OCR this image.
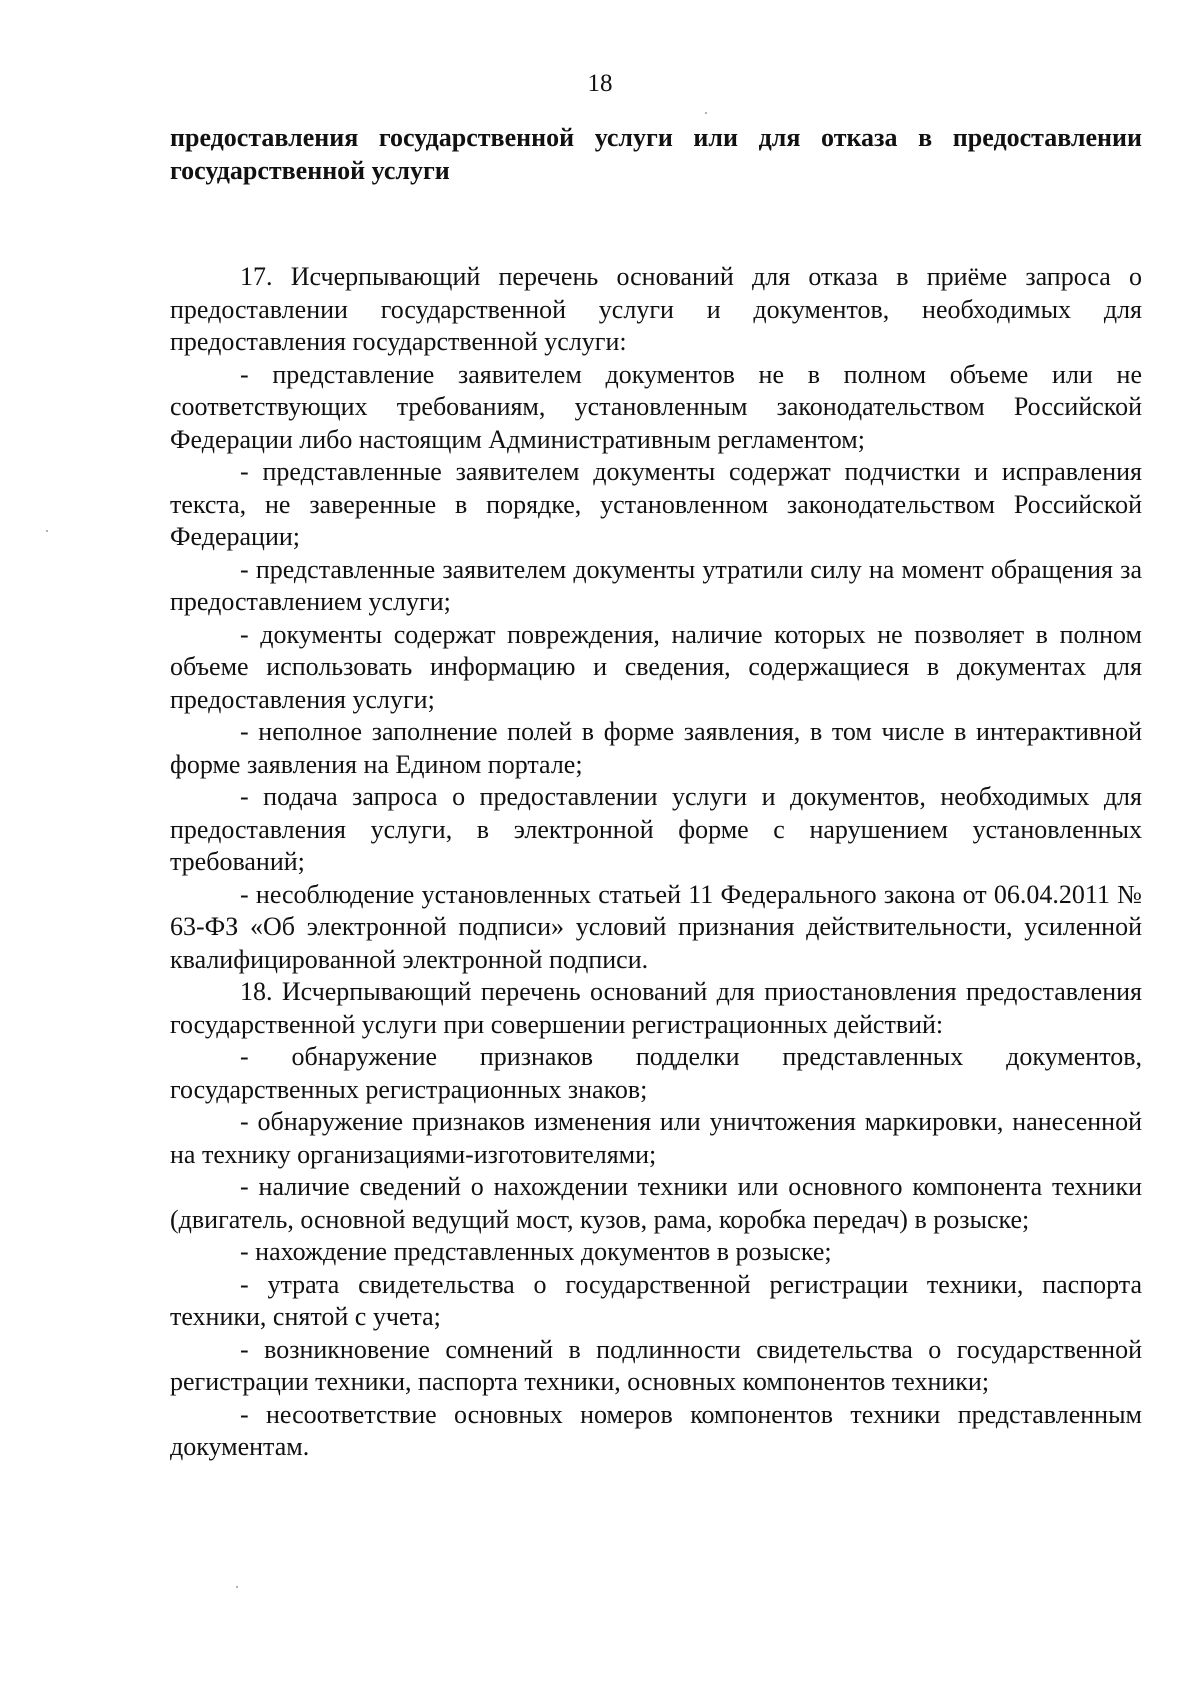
18

предоставления государственной услуги или для отказа в предоставлении государственной услуги

17. Исчерпывающий перечень оснований для отказа в приёме запроса о предоставлении государственной услуги и документов, необходимых для предоставления государственной услуги:

- представление заявителем документов не в полном объеме или не соответствующих требованиям, установленным законодательством Российской Федерации либо настоящим Административным регламентом;

- представленные заявителем документы содержат подчистки и исправления текста, не заверенные в порядке, установленном законодательством Российской Федерации;

- представленные заявителем документы утратили силу на момент обращения за предоставлением услуги;

- документы содержат повреждения, наличие которых не позволяет в полном объеме использовать информацию и сведения, содержащиеся в документах для предоставления услуги;

- неполное заполнение полей в форме заявления, в том числе в интерактивной форме заявления на Едином портале;

- подача запроса о предоставлении услуги и документов, необходимых для предоставления услуги, в электронной форме с нарушением установленных требований;

- несоблюдение установленных статьей 11 Федерального закона от 06.04.2011 № 63-ФЗ «Об электронной подписи» условий признания действительности, усиленной квалифицированной электронной подписи.

18. Исчерпывающий перечень оснований для приостановления предоставления государственной услуги при совершении регистрационных действий:

- обнаружение признаков подделки представленных документов, государственных регистрационных знаков;

- обнаружение признаков изменения или уничтожения маркировки, нанесенной на технику организациями-изготовителями;

- наличие сведений о нахождении техники или основного компонента техники (двигатель, основной ведущий мост, кузов, рама, коробка передач) в розыске;

- нахождение представленных документов в розыске;

- утрата свидетельства о государственной регистрации техники, паспорта техники, снятой с учета;

- возникновение сомнений в подлинности свидетельства о государственной регистрации техники, паспорта техники, основных компонентов техники;

- несоответствие основных номеров компонентов техники представленным документам.
